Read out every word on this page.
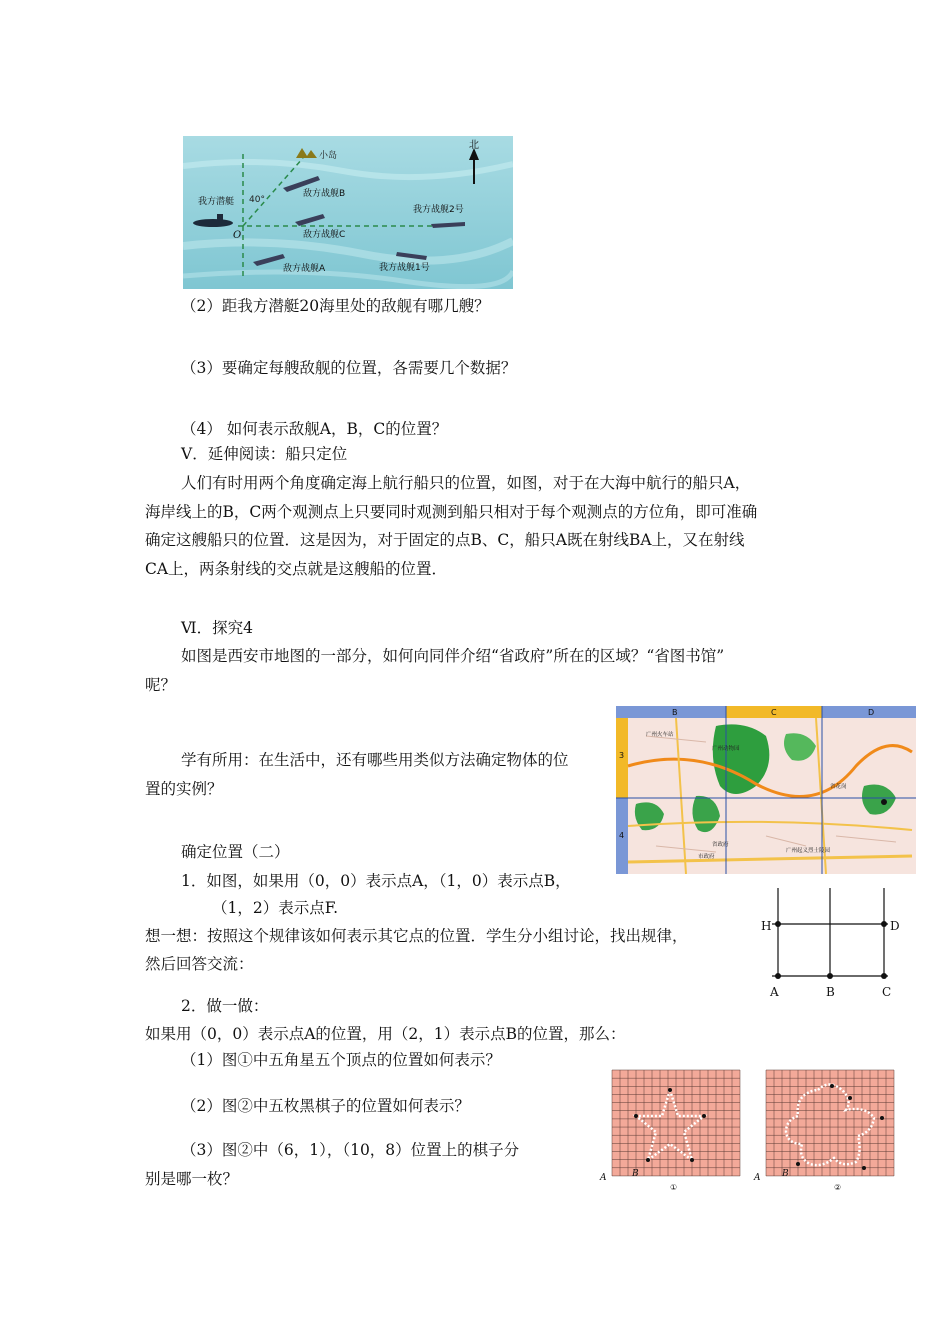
北
小岛
40°
O
我方潜艇
敌方战舰B
敌方战舰C
敌方战舰A
我方战舰2号
我方战舰1号
（2）距我方潜艇20海里处的敌舰有哪几艘？
（3）要确定每艘敌舰的位置，各需要几个数据？
（4） 如何表示敌舰A，B，C的位置？
Ⅴ．延伸阅读：船只定位
人们有时用两个角度确定海上航行船只的位置，如图，对于在大海中航行的船只A，
海岸线上的B，C两个观测点上只要同时观测到船只相对于每个观测点的方位角，即可准确
确定这艘船只的位置．这是因为，对于固定的点B、C，船只A既在射线BA上，又在射线
CA上，两条射线的交点就是这艘船的位置．
Ⅵ．探究4
如图是西安市地图的一部分，如何向同伴介绍“省政府”所在的区域？“省图书馆”
呢？
学有所用：在生活中，还有哪些用类似方法确定物体的位
置的实例？
B	C	D
3
4
广州火车站
广州动物园
省花岗
省政府
市政府
广州起义烈士陵园
确定位置（二）
1．如图，如果用（0，0）表示点A，（1，0）表示点B，
（1，2）表示点F.
想一想：按照这个规律该如何表示其它点的位置．学生分小组讨论，找出规律，
然后回答交流：
H	D
A	B	C
2．做一做：
如果用（0，0）表示点A的位置，用（2，1）表示点B的位置，那么：
（1）图①中五角星五个顶点的位置如何表示？
（2）图②中五枚黑棋子的位置如何表示？
（3）图②中（6，1），（10，8）位置上的棋子分
别是哪一枚？	A	B
①
A B
②
